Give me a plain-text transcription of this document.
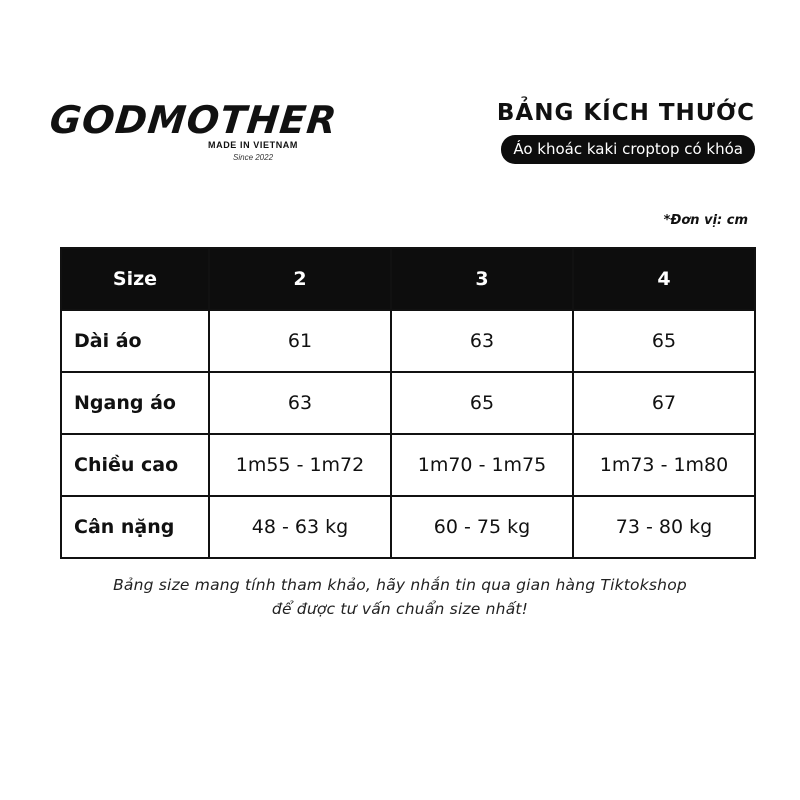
GODMOTHER
MADE IN VIETNAM
Since 2022
BẢNG KÍCH THƯỚC
Áo khoác kaki croptop có khóa
*Đơn vị: cm
Size	2	3	4
Dài áo	61	63	65
Ngang áo	63	65	67
Chiều cao	1m55 - 1m72	1m70 - 1m75	1m73 - 1m80
Cân nặng	48 - 63 kg	60 - 75 kg	73 - 80 kg
Bảng size mang tính tham khảo, hãy nhắn tin qua gian hàng Tiktokshop
để được tư vấn chuẩn size nhất!
